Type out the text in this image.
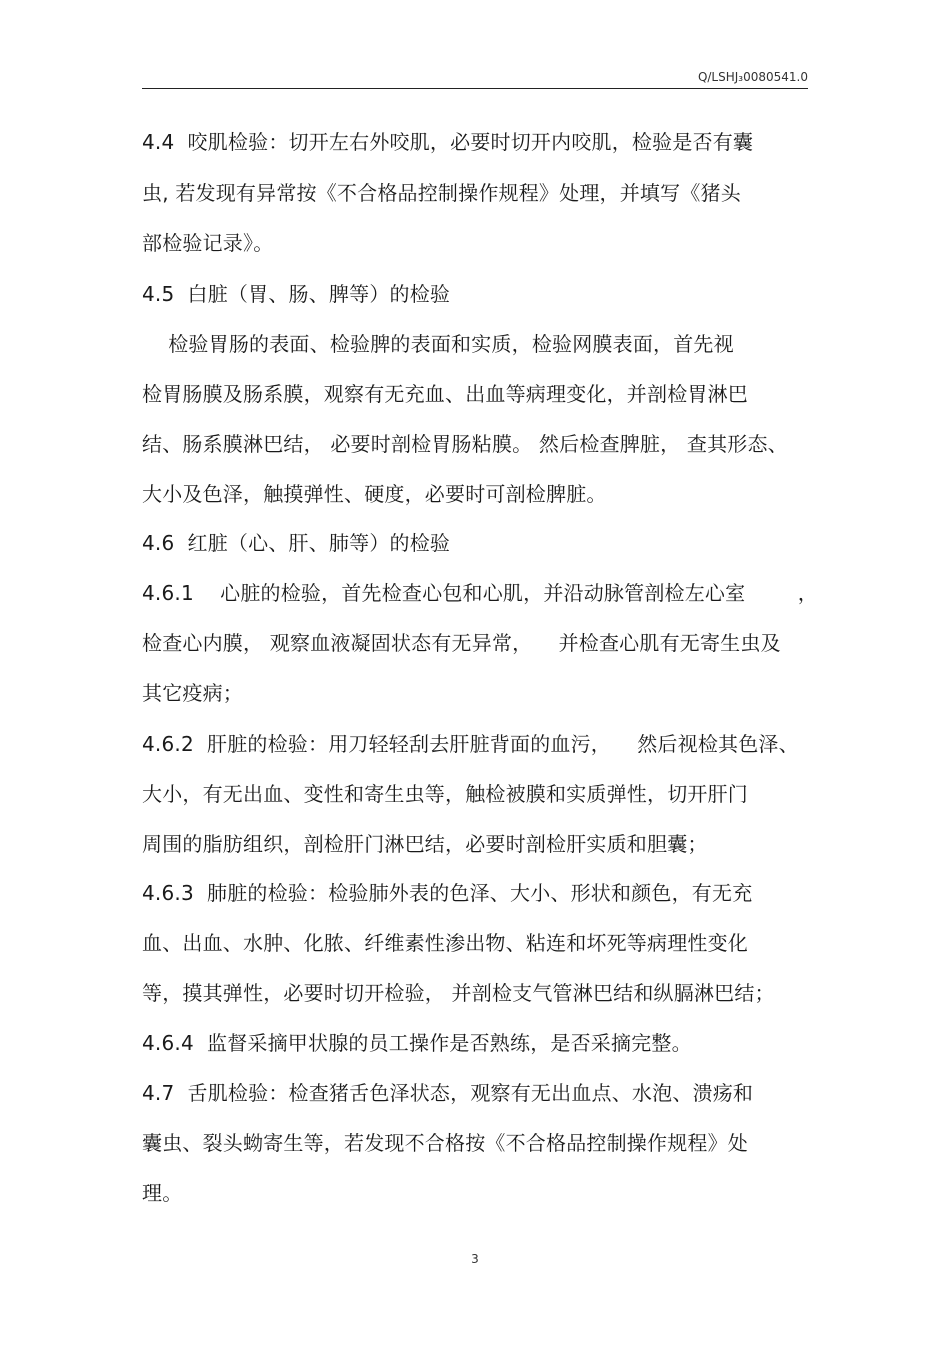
Q/LSHJ₃0080541.0
4.4  咬肌检验：切开左右外咬肌，必要时切开内咬肌，检验是否有囊
虫, 若发现有异常按《不合格品控制操作规程》处理，并填写《猪头
部检验记录》。
4.5  白脏（胃、肠、脾等）的检验
检验胃肠的表面、检验脾的表面和实质，检验网膜表面，首先视
检胃肠膜及肠系膜，观察有无充血、出血等病理变化，并剖检胃淋巴
结、肠系膜淋巴结， 必要时剖检胃肠粘膜。 然后检查脾脏， 查其形态、
大小及色泽，触摸弹性、硬度，必要时可剖检脾脏。
4.6  红脏（心、肝、肺等）的检验
4.6.1    心脏的检验，首先检查心包和心肌，并沿动脉管剖检左心室        ，
检查心内膜， 观察血液凝固状态有无异常，    并检查心肌有无寄生虫及
其它疫病；
4.6.2  肝脏的检验：用刀轻轻刮去肝脏背面的血污，    然后视检其色泽、
大小，有无出血、变性和寄生虫等，触检被膜和实质弹性，切开肝门
周围的脂肪组织，剖检肝门淋巴结，必要时剖检肝实质和胆囊；
4.6.3  肺脏的检验：检验肺外表的色泽、大小、形状和颜色，有无充
血、出血、水肿、化脓、纤维素性渗出物、粘连和坏死等病理性变化
等，摸其弹性，必要时切开检验， 并剖检支气管淋巴结和纵膈淋巴结；
4.6.4  监督采摘甲状腺的员工操作是否熟练，是否采摘完整。
4.7  舌肌检验：检查猪舌色泽状态，观察有无出血点、水泡、溃疡和
囊虫、裂头蚴寄生等，若发现不合格按《不合格品控制操作规程》处
理。
3
